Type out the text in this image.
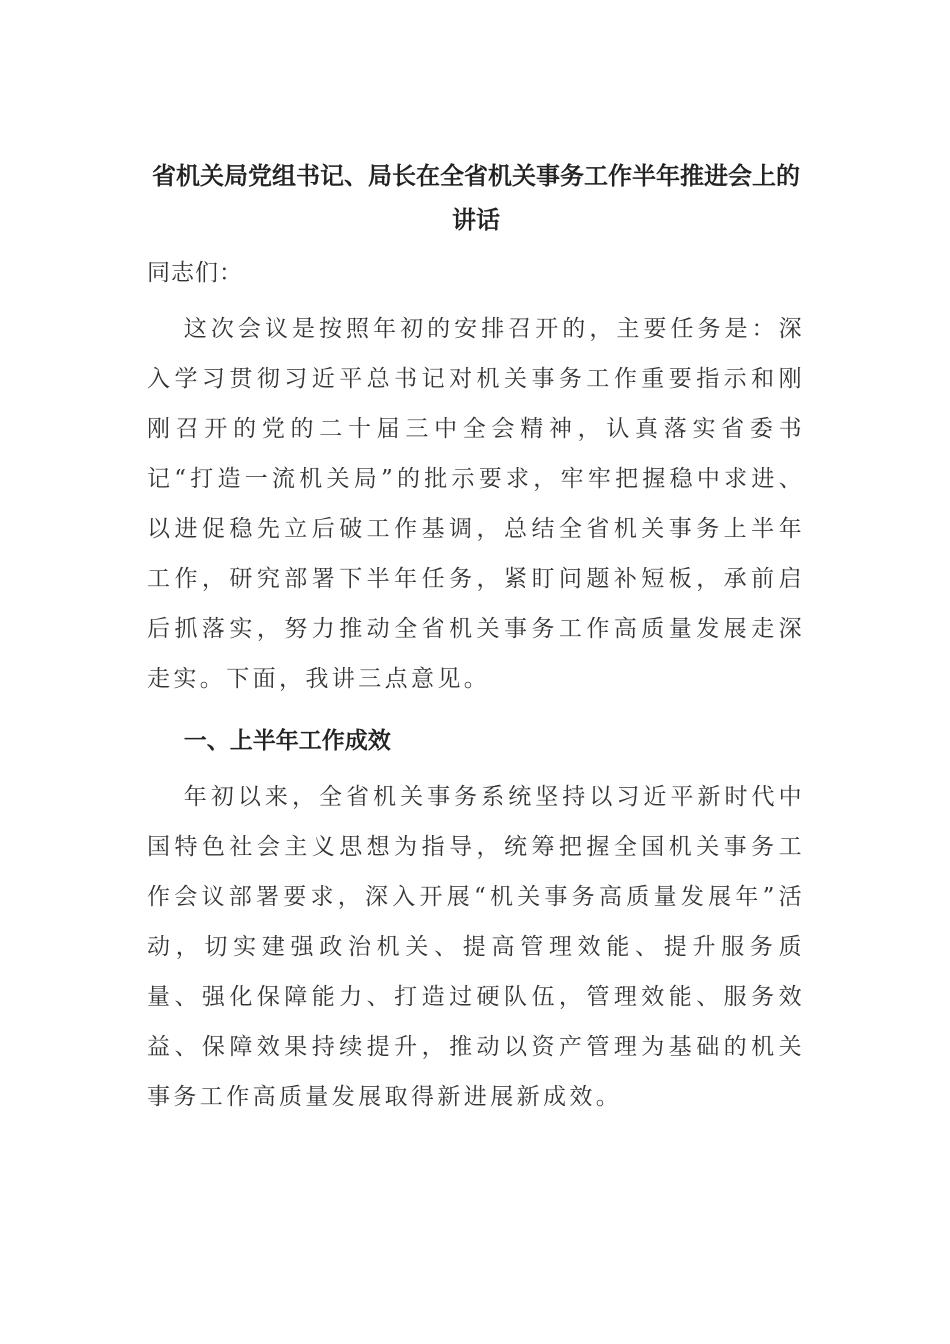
省机关局党组书记、局长在全省机关事务工作半年推进会上的讲话

同志们：

这次会议是按照年初的安排召开的，主要任务是：深入学习贯彻习近平总书记对机关事务工作重要指示和刚刚召开的党的二十届三中全会精神，认真落实省委书记“打造一流机关局”的批示要求，牢牢把握稳中求进、以进促稳先立后破工作基调，总结全省机关事务上半年工作，研究部署下半年任务，紧盯问题补短板，承前启后抓落实，努力推动全省机关事务工作高质量发展走深走实。下面，我讲三点意见。

一、上半年工作成效

年初以来，全省机关事务系统坚持以习近平新时代中国特色社会主义思想为指导，统筹把握全国机关事务工作会议部署要求，深入开展“机关事务高质量发展年”活动，切实建强政治机关、提高管理效能、提升服务质量、强化保障能力、打造过硬队伍，管理效能、服务效益、保障效果持续提升，推动以资产管理为基础的机关事务工作高质量发展取得新进展新成效。
